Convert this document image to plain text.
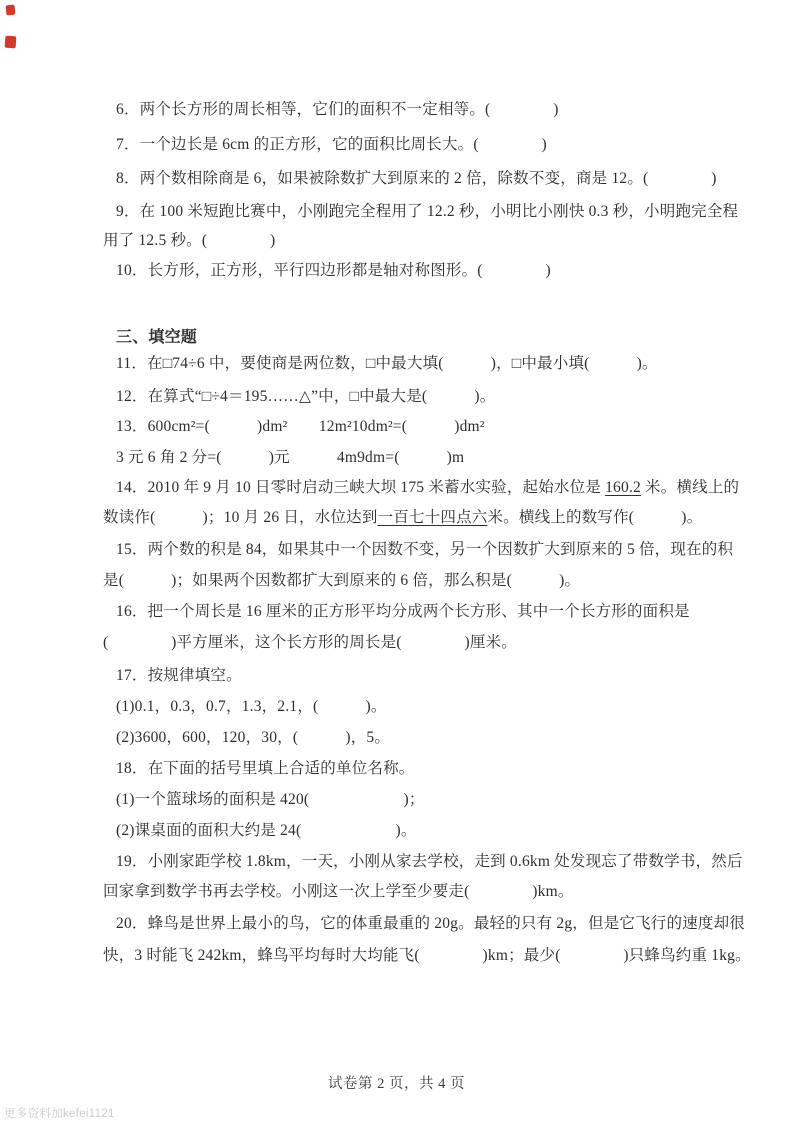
6．两个长方形的周长相等，它们的面积不一定相等。(　　　　)
7．一个边长是 6cm 的正方形，它的面积比周长大。(　　　　)
8．两个数相除商是 6，如果被除数扩大到原来的 2 倍，除数不变，商是 12。(　　　　)
9．在 100 米短跑比赛中，小刚跑完全程用了 12.2 秒，小明比小刚快 0.3 秒，小明跑完全程
用了 12.5 秒。(　　　　)
10．长方形，正方形，平行四边形都是轴对称图形。(　　　　)
三、填空题
11．在□74÷6 中，要使商是两位数，□中最大填(　　　)，□中最小填(　　　)。
12．在算式“□÷4＝195……△”中，□中最大是(　　　)。
13．600cm²=(　　　)dm²　　12m²10dm²=(　　　)dm²
3 元 6 角 2 分=(　　　)元　　　4m9dm=(　　　)m
14．2010 年 9 月 10 日零时启动三峡大坝 175 米蓄水实验，起始水位是 160.2 米。横线上的
数读作(　　　)；10 月 26 日，水位达到一百七十四点六米。横线上的数写作(　　　)。
15．两个数的积是 84，如果其中一个因数不变，另一个因数扩大到原来的 5 倍，现在的积
是(　　　)；如果两个因数都扩大到原来的 6 倍，那么积是(　　　)。
16．把一个周长是 16 厘米的正方形平均分成两个长方形、其中一个长方形的面积是
(　　　　)平方厘米，这个长方形的周长是(　　　　)厘米。
17．按规律填空。
(1)0.1，0.3，0.7，1.3，2.1，(　　　)。
(2)3600，600，120，30，(　　　)，5。
18．在下面的括号里填上合适的单位名称。
(1)一个篮球场的面积是 420(　　　　　　)；
(2)课桌面的面积大约是 24(　　　　　　)。
19．小刚家距学校 1.8km，一天，小刚从家去学校，走到 0.6km 处发现忘了带数学书，然后
回家拿到数学书再去学校。小刚这一次上学至少要走(　　　　)km。
20．蜂鸟是世界上最小的鸟，它的体重最重的 20g。最轻的只有 2g，但是它飞行的速度却很
快，3 时能飞 242km，蜂鸟平均每时大均能飞(　　　　)km；最少(　　　　)只蜂鸟约重 1kg。
试卷第 2 页，共 4 页
更多资料加kefei1121
